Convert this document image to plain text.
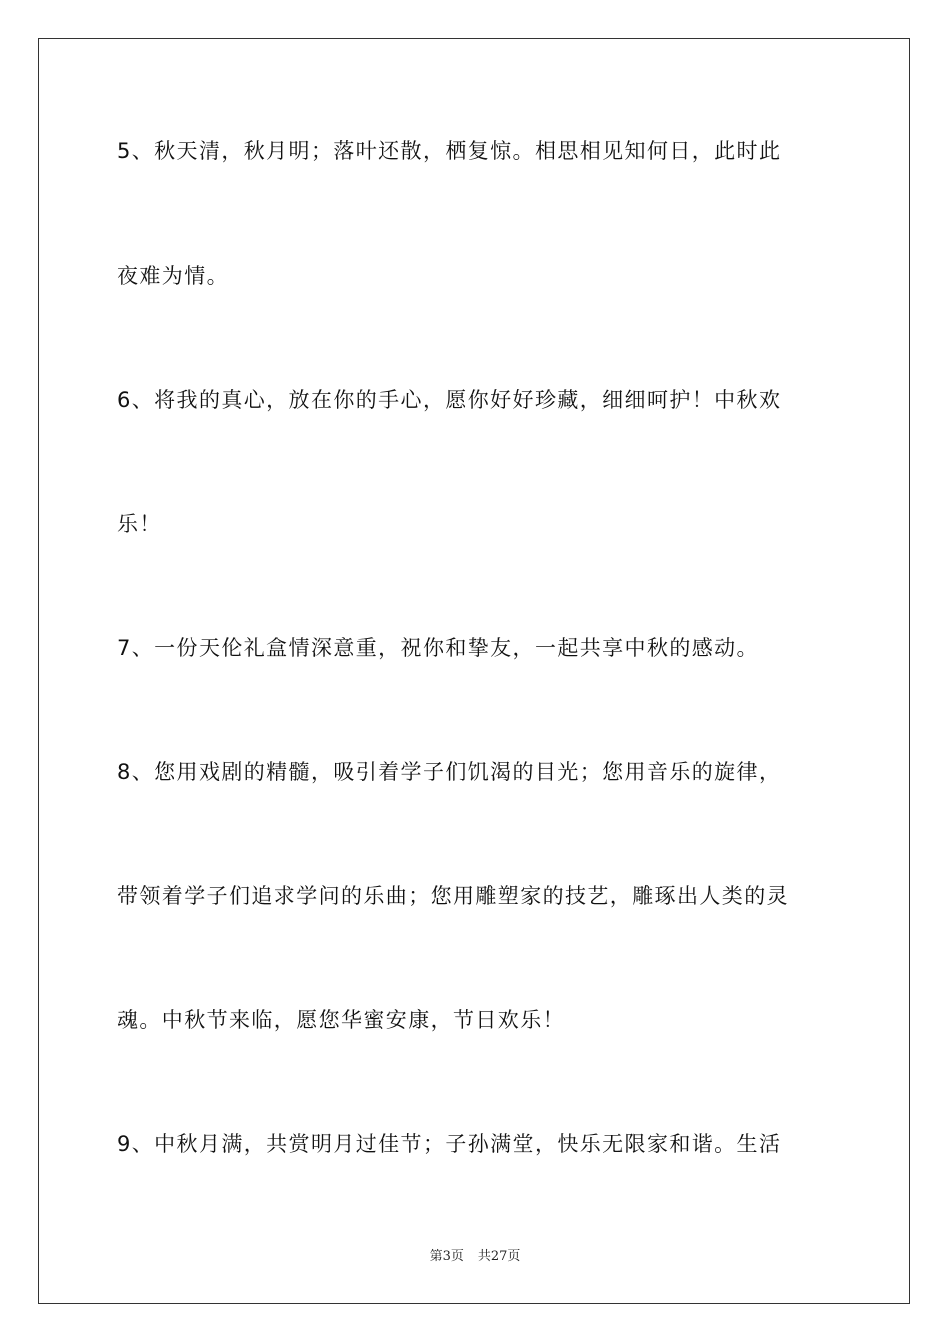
5、秋天清，秋月明；落叶还散，栖复惊。相思相见知何日，此时此
夜难为情。
6、将我的真心，放在你的手心，愿你好好珍藏，细细呵护！中秋欢
乐！
7、一份天伦礼盒情深意重，祝你和挚友，一起共享中秋的感动。
8、您用戏剧的精髓，吸引着学子们饥渴的目光；您用音乐的旋律，
带领着学子们追求学问的乐曲；您用雕塑家的技艺，雕琢出人类的灵
魂。中秋节来临，愿您华蜜安康，节日欢乐！
9、中秋月满，共赏明月过佳节；子孙满堂，快乐无限家和谐。生活
第3页 共27页
